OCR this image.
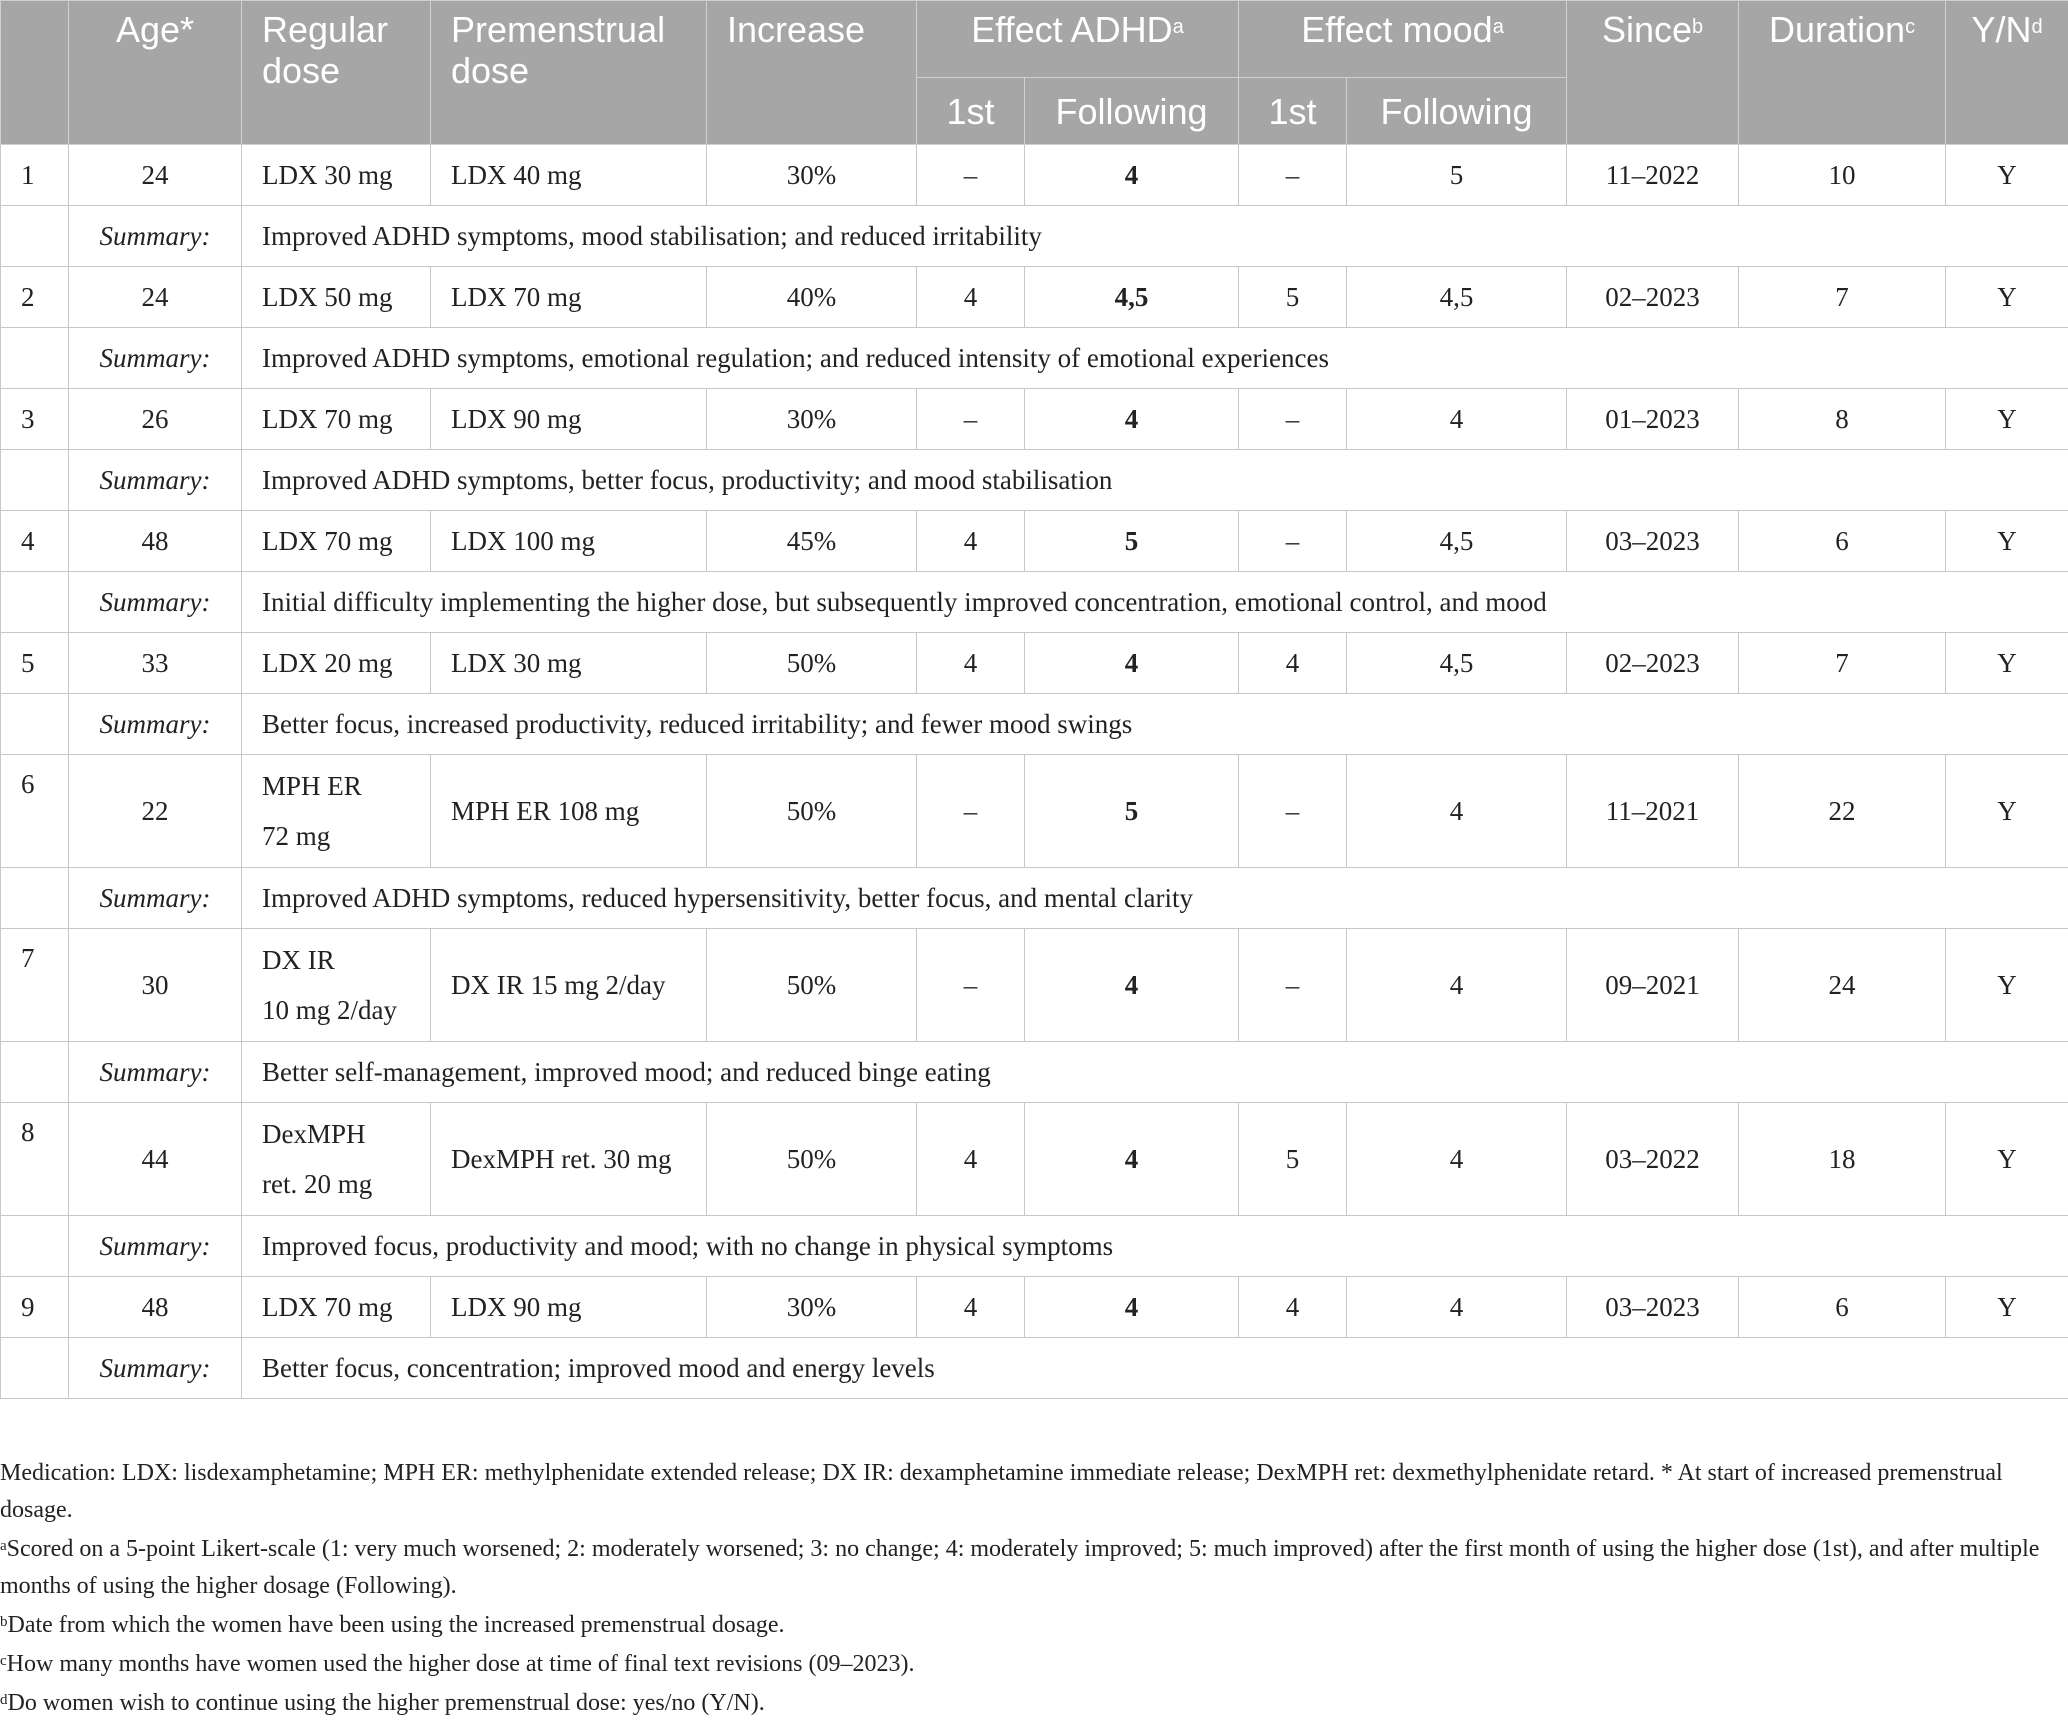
	Age*	Regular dose	Premenstrual dose	Increase	Effect ADHD$^a$		Effect mood$^a$		Since$^b$	Duration$^c$	$Y/N^d$
					1st	Following	1st	Following			
1	24	LDX 30 mg	LDX 40 mg	30%	–	4	–	5	11–2022	10	Y
	Summary:	Improved ADHD symptoms, mood stabilisation; and reduced irritability									
2	24	LDX 50 mg	LDX 70 mg	40%	4	4,5	5	4,5	02–2023	7	Y
	Summary:	Improved ADHD symptoms, emotional regulation; and reduced intensity of emotional experiences									
3	26	LDX 70 mg	LDX 90 mg	30%	–	4	–	4	01–2023	8	Y
	Summary:	Improved ADHD symptoms, better focus, productivity; and mood stabilisation									
4	48	LDX 70 mg	LDX 100 mg	45%	4	5	–	4,5	03–2023	6	Y
	Summary:	Initial difficulty implementing the higher dose, but subsequently improved concentration, emotional control, and mood									
5	33	LDX 20 mg	LDX 30 mg	50%	4	4	4	4,5	02–2023	7	Y
	Summary:	Better focus, increased productivity, reduced irritability; and fewer mood swings									
6	22	MPH ER
72 mg	MPH ER 108 mg	50%	–	5	–	4	11–2021	22	Y
	Summary:	Improved ADHD symptoms, reduced hypersensitivity, better focus, and mental clarity									
7	30	DX IR
10 mg 2/day	DX IR 15 mg 2/day	50%	–	4	–	4	09–2021	24	Y
	Summary:	Better self-management, improved mood; and reduced binge eating									
8	44	DexMPH
ret. 20 mg	DexMPH ret. 30 mg	50%	4	4	5	4	03–2022	18	Y
	Summary:	Improved focus, productivity and mood; with no change in physical symptoms									
9	48	LDX 70 mg	LDX 90 mg	30%	4	4	4	4	03–2023	6	Y
	Summary:	Better focus, concentration; improved mood and energy levels									

Medication: LDX: lisdexamphetamine; MPH ER: methylphenidate extended release; DX IR: dexamphetamine immediate release; DexMPH ret: dexmethylphenidate retard. * At start of increased premenstrual dosage.

$^a$Scored on a 5-point Likert-scale (1: very much worsened; 2: moderately worsened; 3: no change; 4: moderately improved; 5: much improved) after the first month of using the higher dose (1st), and after multiple months of using the higher dosage (Following).

$^b$Date from which the women have been using the increased premenstrual dosage.

$^c$How many months have women used the higher dose at time of final text revisions (09–2023).

$^d$Do women wish to continue using the higher premenstrual dose: yes/no (Y/N).
